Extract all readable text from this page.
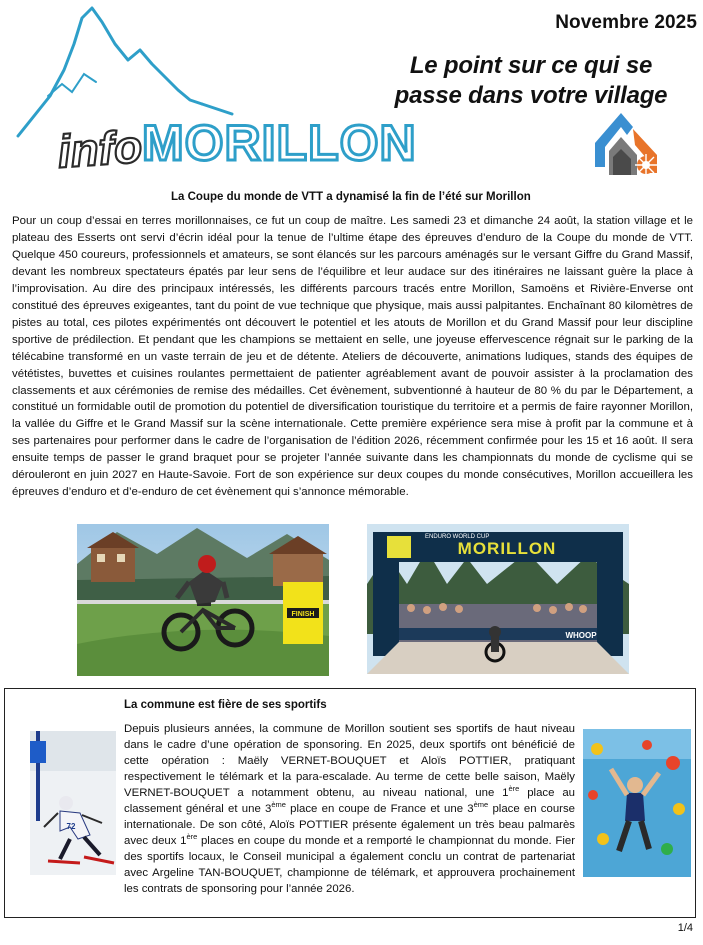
info
MORILLON
Novembre 2025
Le point sur ce qui se
passe dans votre village
La Coupe du monde de VTT a dynamisé la fin de l’été sur Morillon
Pour un coup d’essai en terres morillonnaises, ce fut un coup de maître. Les samedi 23 et dimanche 24 août, la station village et le plateau des Esserts ont servi d’écrin idéal pour la tenue de l’ultime étape des épreuves d’enduro de la Coupe du monde de VTT. Quelque 450 coureurs, professionnels et amateurs, se sont élancés sur les parcours aménagés sur le versant Giffre du Grand Massif, devant les nombreux spectateurs épatés par leur sens de l’équilibre et leur audace sur des itinéraires ne laissant guère la place à l’improvisation. Au dire des principaux intéressés, les différents parcours tracés entre Morillon, Samoëns et Rivière-Enverse ont constitué des épreuves exigeantes, tant du point de vue technique que physique, mais aussi palpitantes. Enchaînant 80 kilomètres de pistes au total, ces pilotes expérimentés ont découvert le potentiel et les atouts de Morillon et du Grand Massif pour leur discipline sportive de prédilection. Et pendant que les champions se mettaient en selle, une joyeuse effervescence régnait sur le parking de la télécabine transformé en un vaste terrain de jeu et de détente. Ateliers de découverte, animations ludiques, stands des équipes de vététistes, buvettes et cuisines roulantes permettaient de patienter agréablement avant de pouvoir assister à la proclamation des classements et aux cérémonies de remise des médailles. Cet évènement, subventionné à hauteur de 80 % du par le Département, a constitué un formidable outil de promotion du potentiel de diversification touristique du territoire et a permis de faire rayonner Morillon, la vallée du Giffre et le Grand Massif sur la scène internationale. Cette première expérience sera mise à profit par la commune et à ses partenaires pour performer dans le cadre de l’organisation de l’édition 2026, récemment confirmée pour les 15 et 16 août. Il sera ensuite temps de passer le grand braquet pour se projeter l’année suivante dans les championnats du monde de cyclisme qui se dérouleront en juin 2027 en Haute-Savoie. Fort de son expérience sur deux coupes du monde consécutives, Morillon accueillera les épreuves d’enduro et d’e-enduro de cet évènement qui s’annonce mémorable.
FINISH
MORILLON
ENDURO WORLD CUP
WHOOP
La commune est fière de ses sportifs
Depuis plusieurs années, la commune de Morillon soutient ses sportifs de haut niveau dans le cadre d’une opération de sponsoring. En 2025, deux sportifs ont bénéficié de cette opération : Maëly VERNET-BOUQUET et Aloïs POTTIER, pratiquant respectivement le télémark et la para-escalade. Au terme de cette belle saison, Maëly VERNET-BOUQUET a notamment obtenu, au niveau national, une 1ère place au classement général et une 3ème place en coupe de France et une 3ème place en course internationale. De son côté, Aloïs POTTIER présente également un très beau palmarès avec deux 1ère places en coupe du monde et a remporté le championnat du monde. Fier des sportifs locaux, le Conseil municipal a également conclu un contrat de partenariat avec Argeline TAN-BOUQUET, championne de télémark, et approuvera prochainement les contrats de sponsoring pour l’année 2026.
72
1/4
